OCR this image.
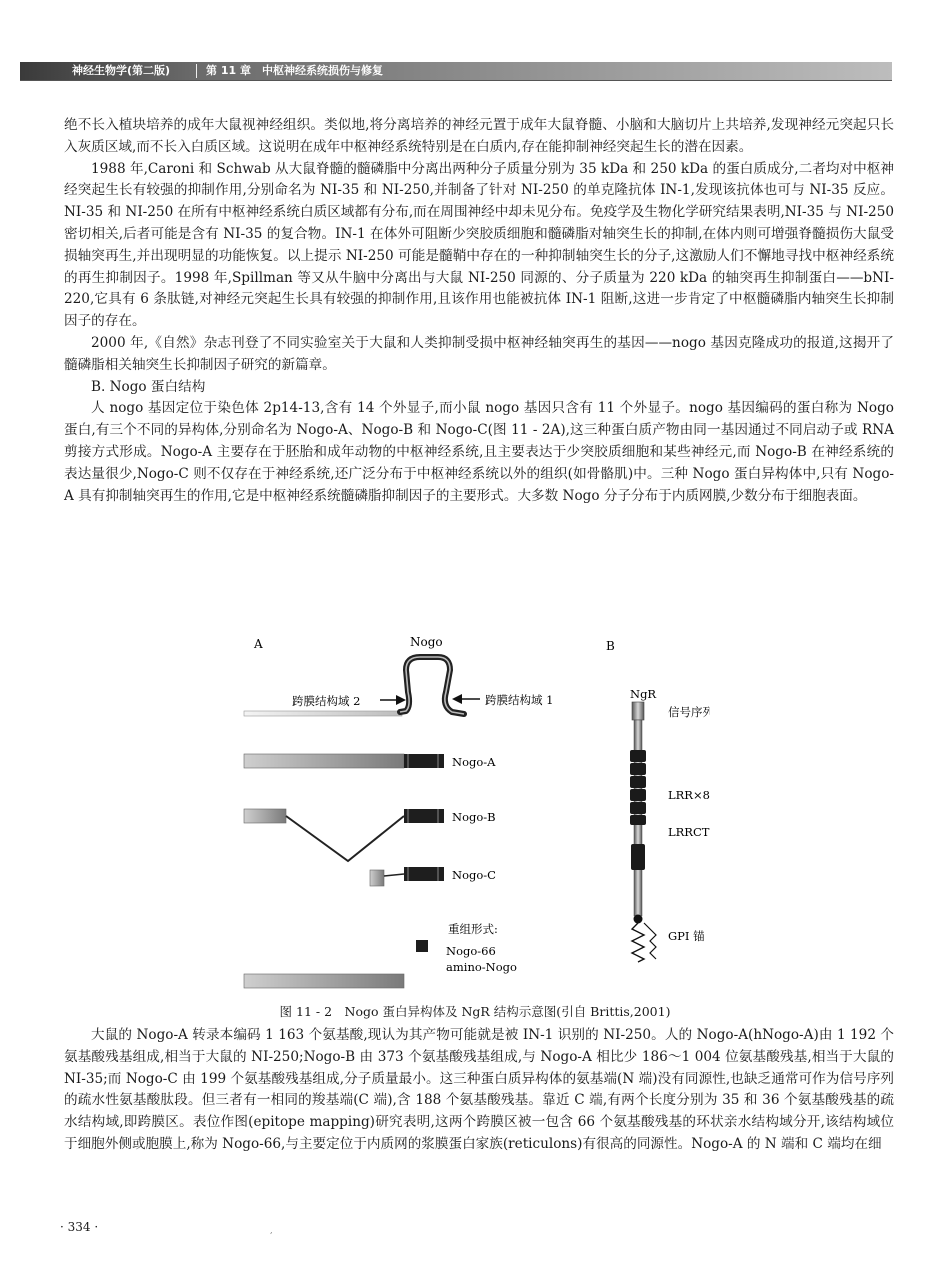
神经生物学(第二版)	第 11 章　中枢神经系统损伤与修复

绝不长入植块培养的成年大鼠视神经组织。类似地,将分离培养的神经元置于成年大鼠脊髓、小脑和大脑切片上共培养,发现神经元突起只长入灰质区域,而不长入白质区域。这说明在成年中枢神经系统特别是在白质内,存在能抑制神经突起生长的潜在因素。

1988 年,Caroni 和 Schwab 从大鼠脊髓的髓磷脂中分离出两种分子质量分别为 35 kDa 和 250 kDa 的蛋白质成分,二者均对中枢神经突起生长有较强的抑制作用,分别命名为 NI-35 和 NI-250,并制备了针对 NI-250 的单克隆抗体 IN-1,发现该抗体也可与 NI-35 反应。NI-35 和 NI-250 在所有中枢神经系统白质区域都有分布,而在周围神经中却未见分布。免疫学及生物化学研究结果表明,NI-35 与 NI-250 密切相关,后者可能是含有 NI-35 的复合物。IN-1 在体外可阻断少突胶质细胞和髓磷脂对轴突生长的抑制,在体内则可增强脊髓损伤大鼠受损轴突再生,并出现明显的功能恢复。以上提示 NI-250 可能是髓鞘中存在的一种抑制轴突生长的分子,这激励人们不懈地寻找中枢神经系统的再生抑制因子。1998 年,Spillman 等又从牛脑中分离出与大鼠 NI-250 同源的、分子质量为 220 kDa 的轴突再生抑制蛋白——bNI-220,它具有 6 条肽链,对神经元突起生长具有较强的抑制作用,且该作用也能被抗体 IN-1 阻断,这进一步肯定了中枢髓磷脂内轴突生长抑制因子的存在。

2000 年,《自然》杂志刊登了不同实验室关于大鼠和人类抑制受损中枢神经轴突再生的基因——nogo 基因克隆成功的报道,这揭开了髓磷脂相关轴突生长抑制因子研究的新篇章。

B. Nogo 蛋白结构

人 nogo 基因定位于染色体 2p14-13,含有 14 个外显子,而小鼠 nogo 基因只含有 11 个外显子。nogo 基因编码的蛋白称为 Nogo 蛋白,有三个不同的异构体,分别命名为 Nogo-A、Nogo-B 和 Nogo-C(图 11 - 2A),这三种蛋白质产物由同一基因通过不同启动子或 RNA 剪接方式形成。Nogo-A 主要存在于胚胎和成年动物的中枢神经系统,且主要表达于少突胶质细胞和某些神经元,而 Nogo-B 在神经系统的表达量很少,Nogo-C 则不仅存在于神经系统,还广泛分布于中枢神经系统以外的组织(如骨骼肌)中。三种 Nogo 蛋白异构体中,只有 Nogo-A 具有抑制轴突再生的作用,它是中枢神经系统髓磷脂抑制因子的主要形式。大多数 Nogo 分子分布于内质网膜,少数分布于细胞表面。

A	Nogo
跨膜结构域 2	跨膜结构域 1
Nogo-A
Nogo-B
Nogo-C
重组形式:
Nogo-66
amino-Nogo
B
NgR
信号序列
LRR×8
LRRCT
GPI 锚
图 11 - 2　Nogo 蛋白异构体及 NgR 结构示意图(引自 Brittis,2001)

大鼠的 Nogo-A 转录本编码 1 163 个氨基酸,现认为其产物可能就是被 IN-1 识别的 NI-250。人的 Nogo-A(hNogo-A)由 1 192 个氨基酸残基组成,相当于大鼠的 NI-250;Nogo-B 由 373 个氨基酸残基组成,与 Nogo-A 相比少 186～1 004 位氨基酸残基,相当于大鼠的 NI-35;而 Nogo-C 由 199 个氨基酸残基组成,分子质量最小。这三种蛋白质异构体的氨基端(N 端)没有同源性,也缺乏通常可作为信号序列的疏水性氨基酸肽段。但三者有一相同的羧基端(C 端),含 188 个氨基酸残基。靠近 C 端,有两个长度分别为 35 和 36 个氨基酸残基的疏水结构域,即跨膜区。表位作图(epitope mapping)研究表明,这两个跨膜区被一包含 66 个氨基酸残基的环状亲水结构域分开,该结构域位于细胞外侧或胞膜上,称为 Nogo-66,与主要定位于内质网的浆膜蛋白家族(reticulons)有很高的同源性。Nogo-A 的 N 端和 C 端均在细

· 334 ·	,
